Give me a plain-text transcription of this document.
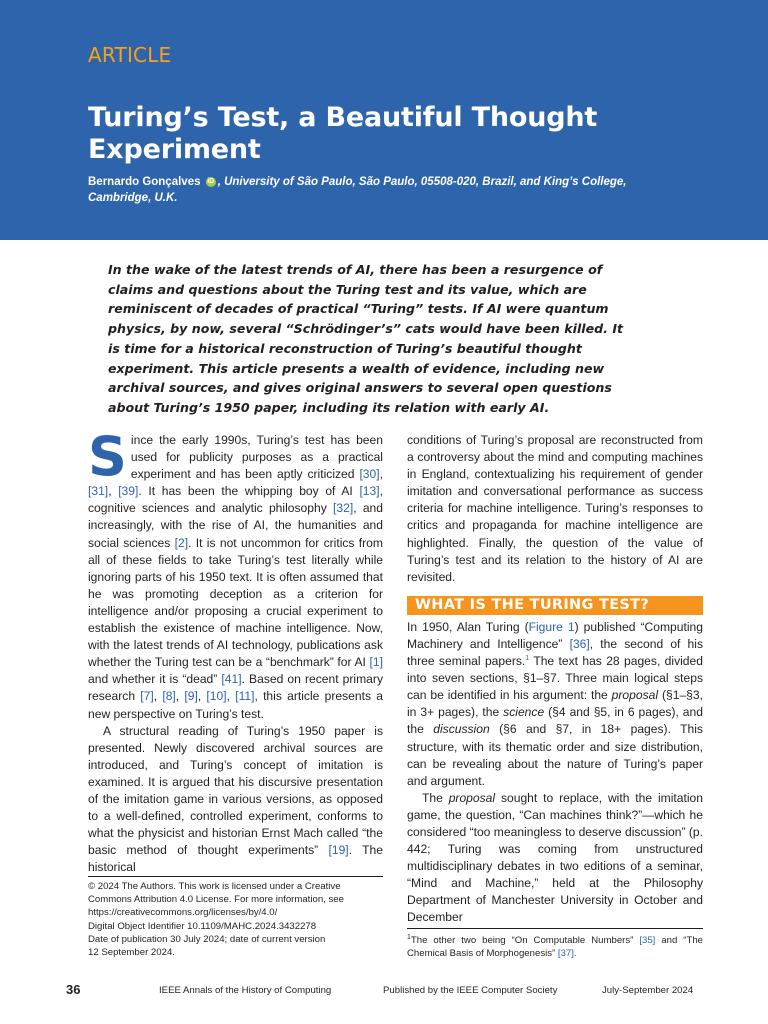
ARTICLE
Turing’s Test, a Beautiful Thought Experiment
Bernardo Gonçalves iD , University of São Paulo, São Paulo, 05508-020, Brazil, and King’s College, Cambridge, U.K.
In the wake of the latest trends of AI, there has been a resurgence of claims and questions about the Turing test and its value, which are reminiscent of decades of practical “Turing” tests. If AI were quantum physics, by now, several “Schrödinger’s” cats would have been killed. It is time for a historical reconstruction of Turing’s beautiful thought experiment. This article presents a wealth of evidence, including new archival sources, and gives original answers to several open questions about Turing’s 1950 paper, including its relation with early AI.

Since the early 1990s, Turing’s test has been used for publicity purposes as a practical experiment and has been aptly criticized [30], [31], [39]. It has been the whipping boy of AI [13], cognitive sciences and analytic philosophy [32], and increasingly, with the rise of AI, the humanities and social sciences [2]. It is not uncommon for critics from all of these fields to take Turing’s test literally while ignoring parts of his 1950 text. It is often assumed that he was promoting deception as a criterion for intelligence and/or proposing a crucial experiment to establish the existence of machine intelligence. Now, with the latest trends of AI technology, publications ask whether the Turing test can be a “benchmark” for AI [1] and whether it is “dead” [41]. Based on recent primary research [7], [8], [9], [10], [11], this article presents a new perspective on Turing’s test.

A structural reading of Turing’s 1950 paper is presented. Newly discovered archival sources are introduced, and Turing’s concept of imitation is examined. It is argued that his discursive presentation of the imitation game in various versions, as opposed to a well-defined, controlled experiment, conforms to what the physicist and historian Ernst Mach called “the basic method of thought experiments” [19]. The historical

conditions of Turing’s proposal are reconstructed from a controversy about the mind and computing machines in England, contextualizing his requirement of gender imitation and conversational performance as success criteria for machine intelligence. Turing’s responses to critics and propaganda for machine intelligence are highlighted. Finally, the question of the value of Turing’s test and its relation to the history of AI are revisited.

WHAT IS THE TURING TEST?

In 1950, Alan Turing (Figure 1) published “Computing Machinery and Intelligence” [36], the second of his three seminal papers.$^1$ The text has 28 pages, divided into seven sections, §1–§7. Three main logical steps can be identified in his argument: the proposal (§1–§3, in 3+ pages), the science (§4 and §5, in 6 pages), and the discussion (§6 and §7, in 18+ pages). This structure, with its thematic order and size distribution, can be revealing about the nature of Turing’s paper and argument.

The proposal sought to replace, with the imitation game, the question, “Can machines think?”—which he considered “too meaningless to deserve discussion” (p. 442; Turing was coming from unstructured multidisciplinary debates in two editions of a seminar, “Mind and Machine,” held at the Philosophy Department of Manchester University in October and December

© 2024 The Authors. This work is licensed under a Creative
Commons Attribution 4.0 License. For more information, see
https://creativecommons.org/licenses/by/4.0/
Digital Object Identifier 10.1109/MAHC.2024.3432278
Date of publication 30 July 2024; date of current version
12 September 2024.
$^1$The other two being “On Computable Numbers” [35] and “The Chemical Basis of Morphogenesis” [37].
36	IEEE Annals of the History of Computing	Published by the IEEE Computer Society	July-September 2024
